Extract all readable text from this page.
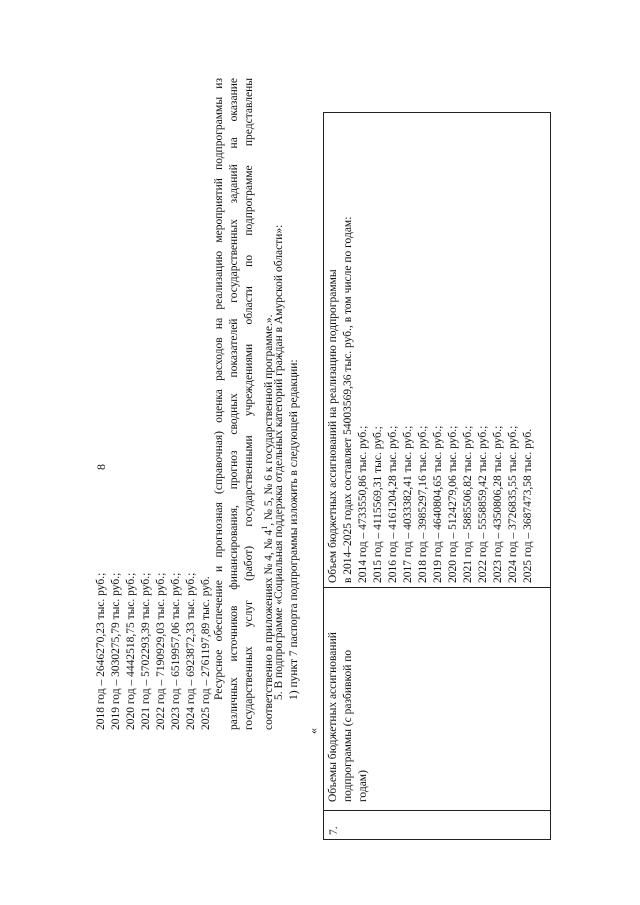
8
2018 год – 2646270,23 тыс. руб.; 2019 год – 3030275,79 тыс. руб.; 2020 год – 4442518,75 тыс. руб.; 2021 год – 5702293,39 тыс. руб.; 2022 год – 7190929,03 тыс. руб.; 2023 год – 6519957,06 тыс. руб.; 2024 год – 6923872,33 тыс. руб.; 2025 год – 2761197,89 тыс. руб. Ресурсное обеспечение и прогнозная (справочная) оценка расходов на реализацию мероприятий подпрограммы из различных источников финансирования, прогноз сводных показателей государственных заданий на оказание государственных услуг (работ) государственными учреждениями области по подпрограмме представлены соответственно в приложениях № 4, № $4^1$, № 5, № 6 к государственной программе.».
5. В подпрограмме «Социальная поддержка отдельных категорий граждан в Амурской области»: 1) пункт 7 паспорта подпрограммы изложить в следующей редакции:
«
7.
Объемы бюджетных ассигнований подпрограммы (с разбивкой по годам)
Объем бюджетных ассигнований на реализацию подпрограммы в 2014–2025 годах составляет 54003569,36 тыс. руб., в том числе по годам: 2014 год – 4733550,86 тыс. руб.; 2015 год – 4115569,31 тыс. руб.; 2016 год – 4161204,28 тыс. руб.; 2017 год – 4033382,41 тыс. руб.; 2018 год – 3985297,16 тыс. руб.; 2019 год – 4640804,65 тыс. руб.; 2020 год – 5124279,06 тыс. руб.; 2021 год – 5885506,82 тыс. руб.; 2022 год – 5558859,42 тыс. руб.; 2023 год – 4350806,28 тыс. руб.; 2024 год – 3726835,55 тыс. руб.; 2025 год – 3687473,58 тыс. руб.
